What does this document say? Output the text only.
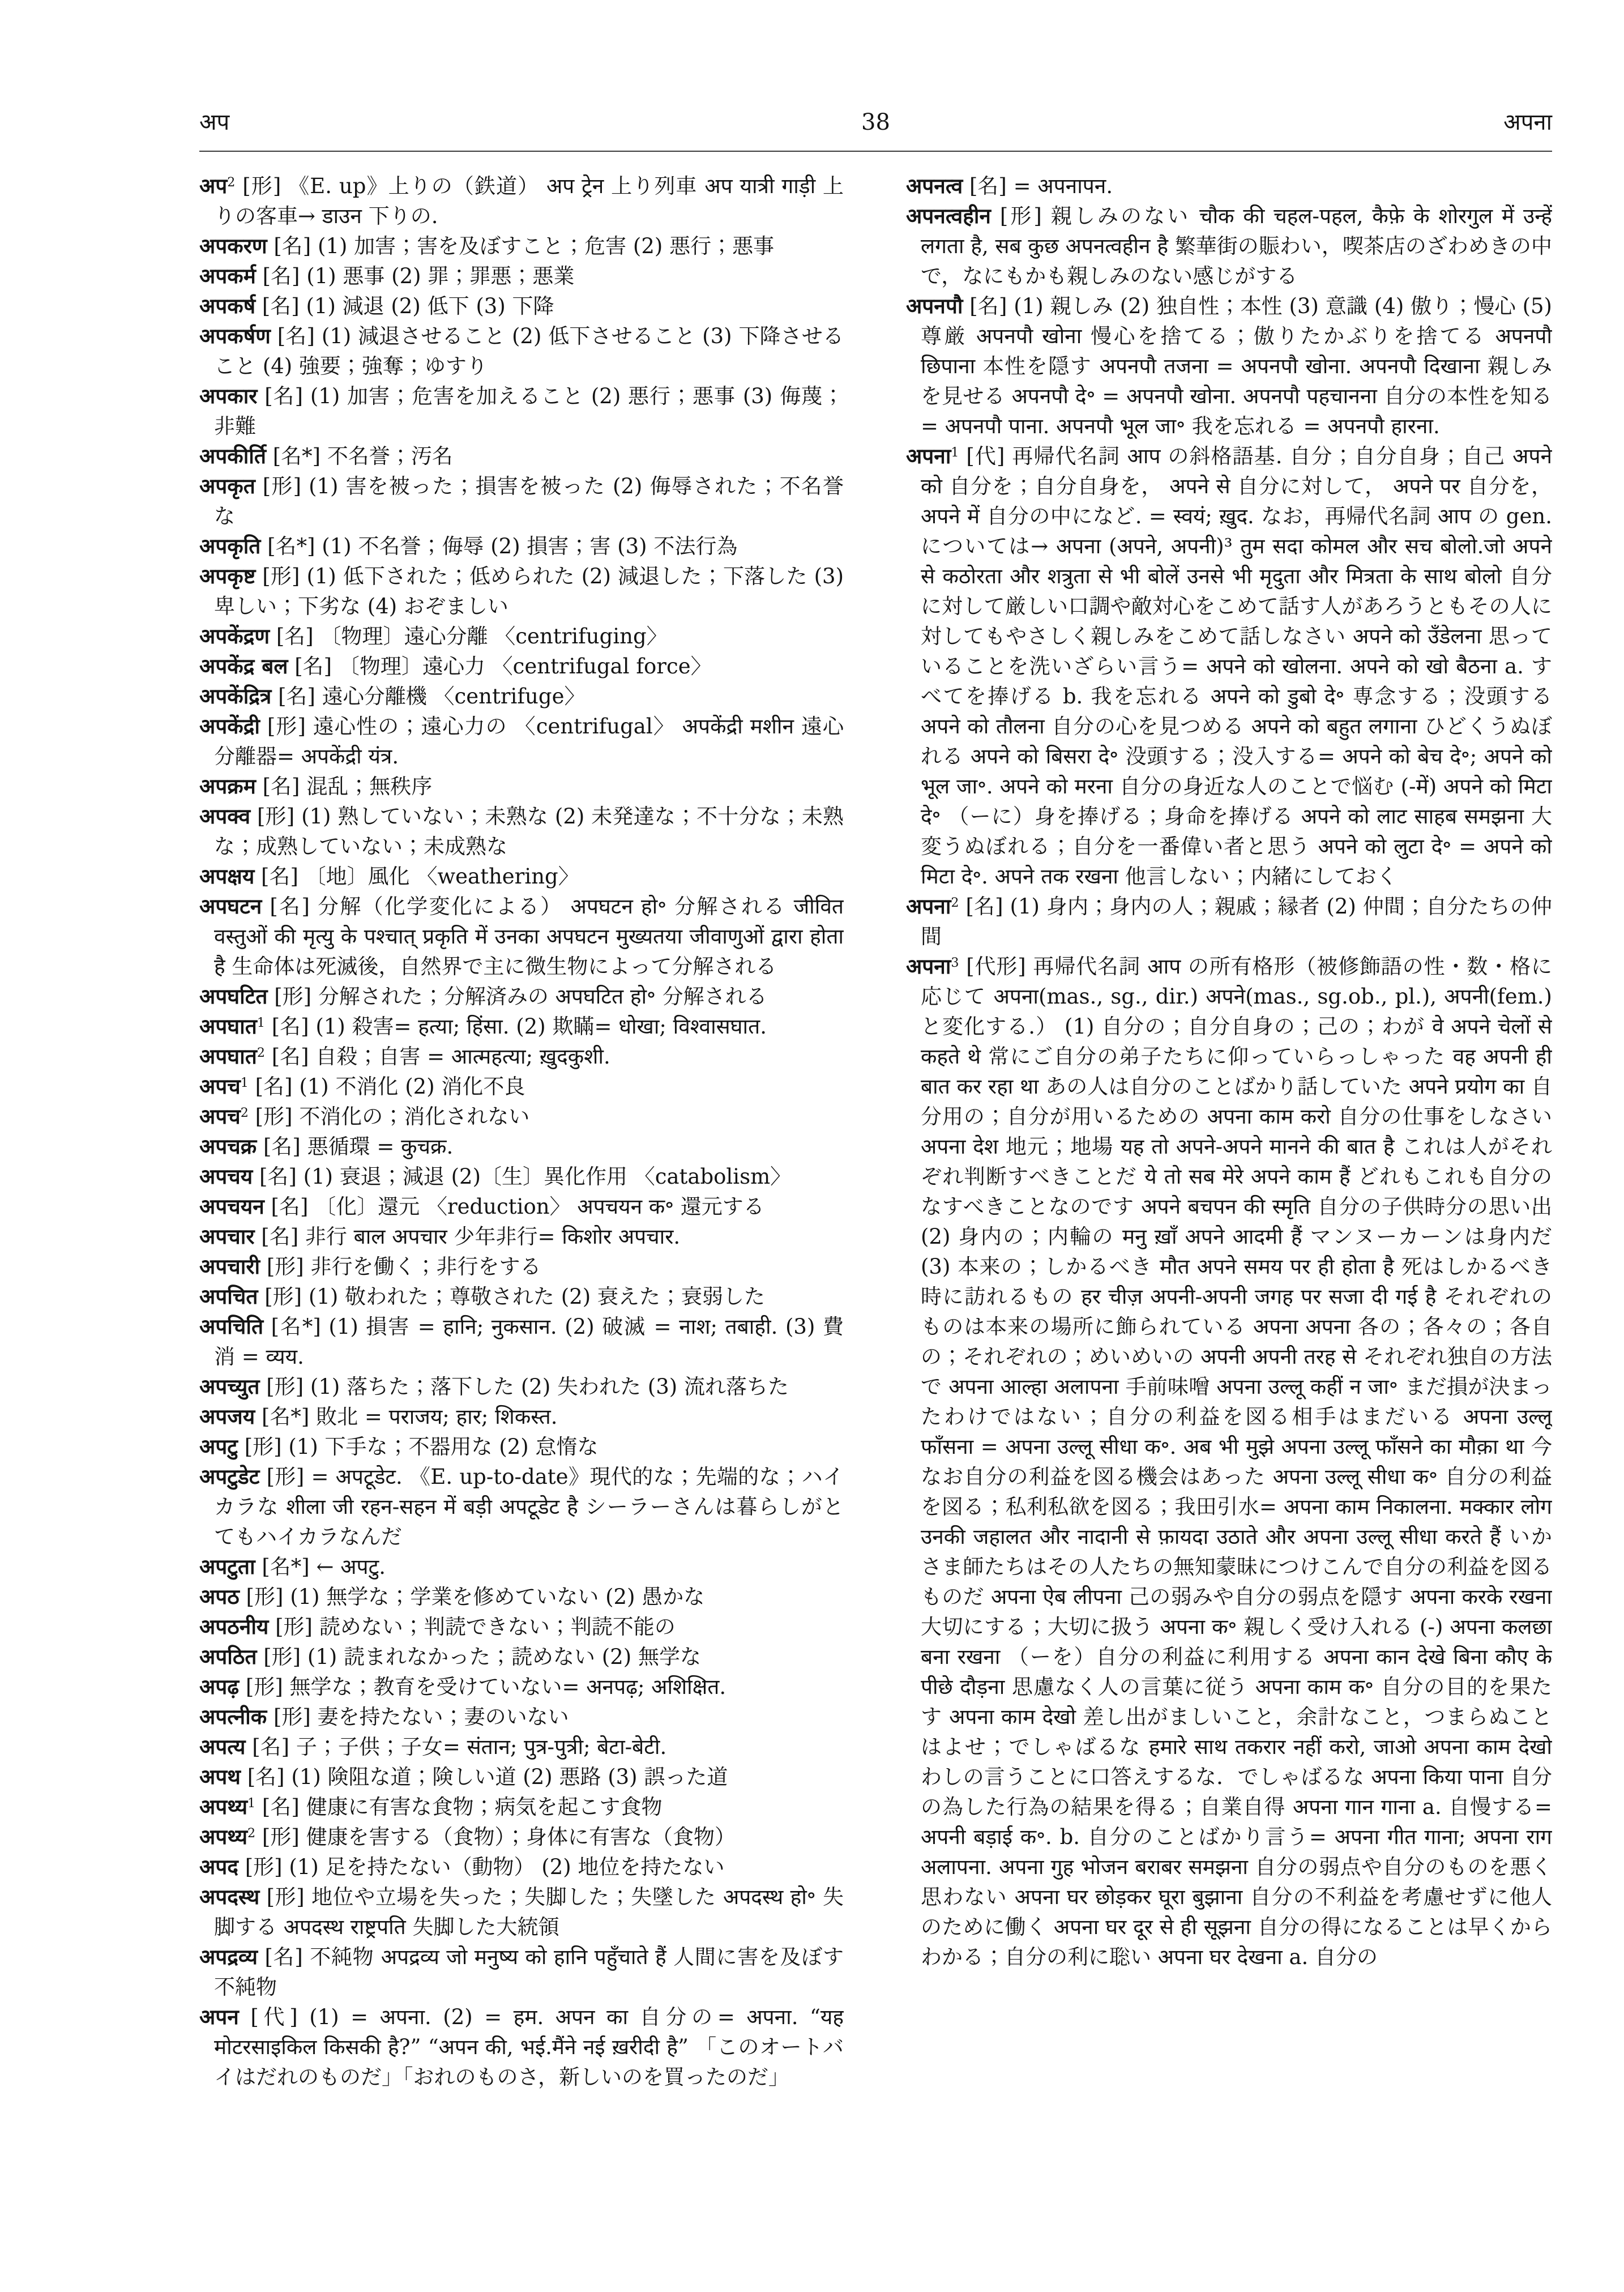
अप	38	अपना
अप$^2$ [形] 《E. up》上りの（鉄道） अप ट्रेन 上り列車 अप यात्री गाड़ी 上りの客車→ डाउन 下りの.
अपकरण [名] (1) 加害；害を及ぼすこと；危害 (2) 悪行；悪事
अपकर्म [名] (1) 悪事 (2) 罪；罪悪；悪業
अपकर्ष [名] (1) 減退 (2) 低下 (3) 下降
अपकर्षण [名] (1) 減退させること (2) 低下させること (3) 下降させること (4) 強要；強奪；ゆすり
अपकार [名] (1) 加害；危害を加えること (2) 悪行；悪事 (3) 侮蔑；非難
अपकीर्ति [名*] 不名誉；汚名
अपकृत [形] (1) 害を被った；損害を被った (2) 侮辱された；不名誉な
अपकृति [名*] (1) 不名誉；侮辱 (2) 損害；害 (3) 不法行為
अपकृष्ट [形] (1) 低下された；低められた (2) 減退した；下落した (3) 卑しい；下劣な (4) おぞましい
अपकेंद्रण [名] 〔物理〕遠心分離 〈centrifuging〉
अपकेंद्र बल [名] 〔物理〕遠心力 〈centrifugal force〉
अपकेंद्रित्र [名] 遠心分離機 〈centrifuge〉
अपकेंद्री [形] 遠心性の；遠心力の 〈centrifugal〉 अपकेंद्री मशीन 遠心分離器= अपकेंद्री यंत्र.
अपक्रम [名] 混乱；無秩序
अपक्व [形] (1) 熟していない；未熟な (2) 未発達な；不十分な；未熟な；成熟していない；未成熟な
अपक्षय [名] 〔地〕風化 〈weathering〉
अपघटन [名] 分解（化学変化による） अपघटन हो॰ 分解される जीवित वस्तुओं की मृत्यु के पश्चात् प्रकृति में उनका अपघटन मुख्यतया जीवाणुओं द्वारा होता है 生命体は死滅後，自然界で主に微生物によって分解される
अपघटित [形] 分解された；分解済みの अपघटित हो॰ 分解される
अपघात$^1$ [名] (1) 殺害= हत्या; हिंसा. (2) 欺瞞= धोखा; विश्वासघात.
अपघात$^2$ [名] 自殺；自害 = आत्महत्या; ख़ुदकुशी.
अपच$^1$ [名] (1) 不消化 (2) 消化不良
अपच$^2$ [形] 不消化の；消化されない
अपचक्र [名] 悪循環 = कुचक्र.
अपचय [名] (1) 衰退；減退 (2)〔生〕異化作用 〈catabolism〉
अपचयन [名] 〔化〕還元 〈reduction〉 अपचयन क॰ 還元する
अपचार [名] 非行 बाल अपचार 少年非行= किशोर अपचार.
अपचारी [形] 非行を働く；非行をする
अपचित [形] (1) 敬われた；尊敬された (2) 衰えた；衰弱した
अपचिति [名*] (1) 損害 = हानि; नुकसान. (2) 破滅 = नाश; तबाही. (3) 費消 = व्यय.
अपच्युत [形] (1) 落ちた；落下した (2) 失われた (3) 流れ落ちた
अपजय [名*] 敗北 = पराजय; हार; शिकस्त.
अपटु [形] (1) 下手な；不器用な (2) 怠惰な
अपटुडेट [形] = अपटूडेट. 《E. up-to-date》現代的な；先端的な；ハイカラな शीला जी रहन-सहन में बड़ी अपटूडेट है シーラーさんは暮らしがとてもハイカラなんだ
अपटुता [名*] ← अपटु.
अपठ [形] (1) 無学な；学業を修めていない (2) 愚かな
अपठनीय [形] 読めない；判読できない；判読不能の
अपठित [形] (1) 読まれなかった；読めない (2) 無学な
अपढ़ [形] 無学な；教育を受けていない= अनपढ़; अशिक्षित.
अपत्नीक [形] 妻を持たない；妻のいない
अपत्य [名] 子；子供；子女= संतान; पुत्र-पुत्री; बेटा-बेटी.
अपथ [名] (1) 険阻な道；険しい道 (2) 悪路 (3) 誤った道
अपथ्य$^1$ [名] 健康に有害な食物；病気を起こす食物
अपथ्य$^2$ [形] 健康を害する（食物）；身体に有害な（食物）
अपद [形] (1) 足を持たない（動物） (2) 地位を持たない
अपदस्थ [形] 地位や立場を失った；失脚した；失墜した अपदस्थ हो॰ 失脚する अपदस्थ राष्ट्रपति 失脚した大統領
अपद्रव्य [名] 不純物 अपद्रव्य जो मनुष्य को हानि पहुँचाते हैं 人間に害を及ぼす不純物
अपन [代] (1) = अपना. (2) = हम. अपन का 自分の= अपना. “यह मोटरसाइकिल किसकी है?” “अपन की, भई.मैंने नई ख़रीदी है” 「このオートバイはだれのものだ」「おれのものさ，新しいのを買ったのだ」
अपनत्व [名] = अपनापन.
अपनत्वहीन [形] 親しみのない चौक की चहल-पहल, कैफ़े के शोरगुल में उन्हें लगता है, सब कुछ अपनत्वहीन है 繁華街の賑わい，喫茶店のざわめきの中で，なにもかも親しみのない感じがする
अपनपौ [名] (1) 親しみ (2) 独自性；本性 (3) 意識 (4) 傲り；慢心 (5) 尊厳 अपनपौ खोना 慢心を捨てる；傲りたかぶりを捨てる अपनपौ छिपाना 本性を隠す अपनपौ तजना = अपनपौ खोना. अपनपौ दिखाना 親しみを見せる अपनपौ दे॰ = अपनपौ खोना. अपनपौ पहचानना 自分の本性を知る= अपनपौ पाना. अपनपौ भूल जा॰ 我を忘れる = अपनपौ हारना.
अपना$^1$ [代] 再帰代名詞 आप の斜格語基. 自分；自分自身；自己 अपने को 自分を；自分自身を， अपने से 自分に対して， अपने पर 自分を， अपने में 自分の中になど. = स्वयं; ख़ुद. なお，再帰代名詞 आप の gen. については→ अपना (अपने, अपनी)³ तुम सदा कोमल और सच बोलो.जो अपने से कठोरता और शत्रुता से भी बोलें उनसे भी मृदुता और मित्रता के साथ बोलो 自分に対して厳しい口調や敵対心をこめて話す人があろうともその人に対してもやさしく親しみをこめて話しなさい अपने को उँडेलना 思っていることを洗いざらい言う= अपने को खोलना. अपने को खो बैठना a. すべてを捧げる b. 我を忘れる अपने को डुबो दे॰ 専念する；没頭する अपने को तौलना 自分の心を見つめる अपने को बहुत लगाना ひどくうぬぼれる अपने को बिसरा दे॰ 没頭する；没入する= अपने को बेच दे॰; अपने को भूल जा॰. अपने को मरना 自分の身近な人のことで悩む (-में) अपने को मिटा दे॰ （ーに）身を捧げる；身命を捧げる अपने को लाट साहब समझना 大変うぬぼれる；自分を一番偉い者と思う अपने को लुटा दे॰ = अपने को मिटा दे॰. अपने तक रखना 他言しない；内緒にしておく
अपना$^2$ [名] (1) 身内；身内の人；親戚；縁者 (2) 仲間；自分たちの仲間
अपना$^3$ [代形] 再帰代名詞 आप の所有格形（被修飾語の性・数・格に応じて अपना(mas., sg., dir.) अपने(mas., sg.ob., pl.), अपनी(fem.) と変化する.） (1) 自分の；自分自身の；己の；わが वे अपने चेलों से कहते थे 常にご自分の弟子たちに仰っていらっしゃった वह अपनी ही बात कर रहा था あの人は自分のことばかり話していた अपने प्रयोग का 自分用の；自分が用いるための अपना काम करो 自分の仕事をしなさい अपना देश 地元；地場 यह तो अपने-अपने मानने की बात है これは人がそれぞれ判断すべきことだ ये तो सब मेरे अपने काम हैं どれもこれも自分のなすべきことなのです अपने बचपन की स्मृति 自分の子供時分の思い出 (2) 身内の；内輪の मनु ख़ाँ अपने आदमी हैं マンヌーカーンは身内だ (3) 本来の；しかるべき मौत अपने समय पर ही होता है 死はしかるべき時に訪れるもの हर चीज़ अपनी-अपनी जगह पर सजा दी गई है それぞれのものは本来の場所に飾られている अपना अपना 各の；各々の；各自の；それぞれの；めいめいの अपनी अपनी तरह से それぞれ独自の方法で अपना आल्हा अलापना 手前味噌 अपना उल्लू कहीं न जा॰ まだ損が決まったわけではない；自分の利益を図る相手はまだいる अपना उल्लू फाँसना = अपना उल्लू सीधा क॰. अब भी मुझे अपना उल्लू फाँसने का मौक़ा था 今なお自分の利益を図る機会はあった अपना उल्लू सीधा क॰ 自分の利益を図る；私利私欲を図る；我田引水= अपना काम निकालना. मक्कार लोग उनकी जहालत और नादानी से फ़ायदा उठाते और अपना उल्लू सीधा करते हैं いかさま師たちはその人たちの無知蒙昧につけこんで自分の利益を図るものだ अपना ऐब लीपना 己の弱みや自分の弱点を隠す अपना करके रखना 大切にする；大切に扱う अपना क॰ 親しく受け入れる (-) अपना कलछा बना रखना （ーを）自分の利益に利用する अपना कान देखे बिना कौए के पीछे दौड़ना 思慮なく人の言葉に従う अपना काम क॰ 自分の目的を果たす अपना काम देखो 差し出がましいこと，余計なこと，つまらぬことはよせ；でしゃばるな हमारे साथ तकरार नहीं करो, जाओ अपना काम देखो わしの言うことに口答えするな．でしゃばるな अपना किया पाना 自分の為した行為の結果を得る；自業自得 अपना गान गाना a. 自慢する= अपनी बड़ाई क॰. b. 自分のことばかり言う= अपना गीत गाना; अपना राग अलापना. अपना गुह भोजन बराबर समझना 自分の弱点や自分のものを悪く思わない अपना घर छोड़कर घूरा बुझाना 自分の不利益を考慮せずに他人のために働く अपना घर दूर से ही सूझना 自分の得になることは早くからわかる；自分の利に聡い अपना घर देखना a. 自分の
